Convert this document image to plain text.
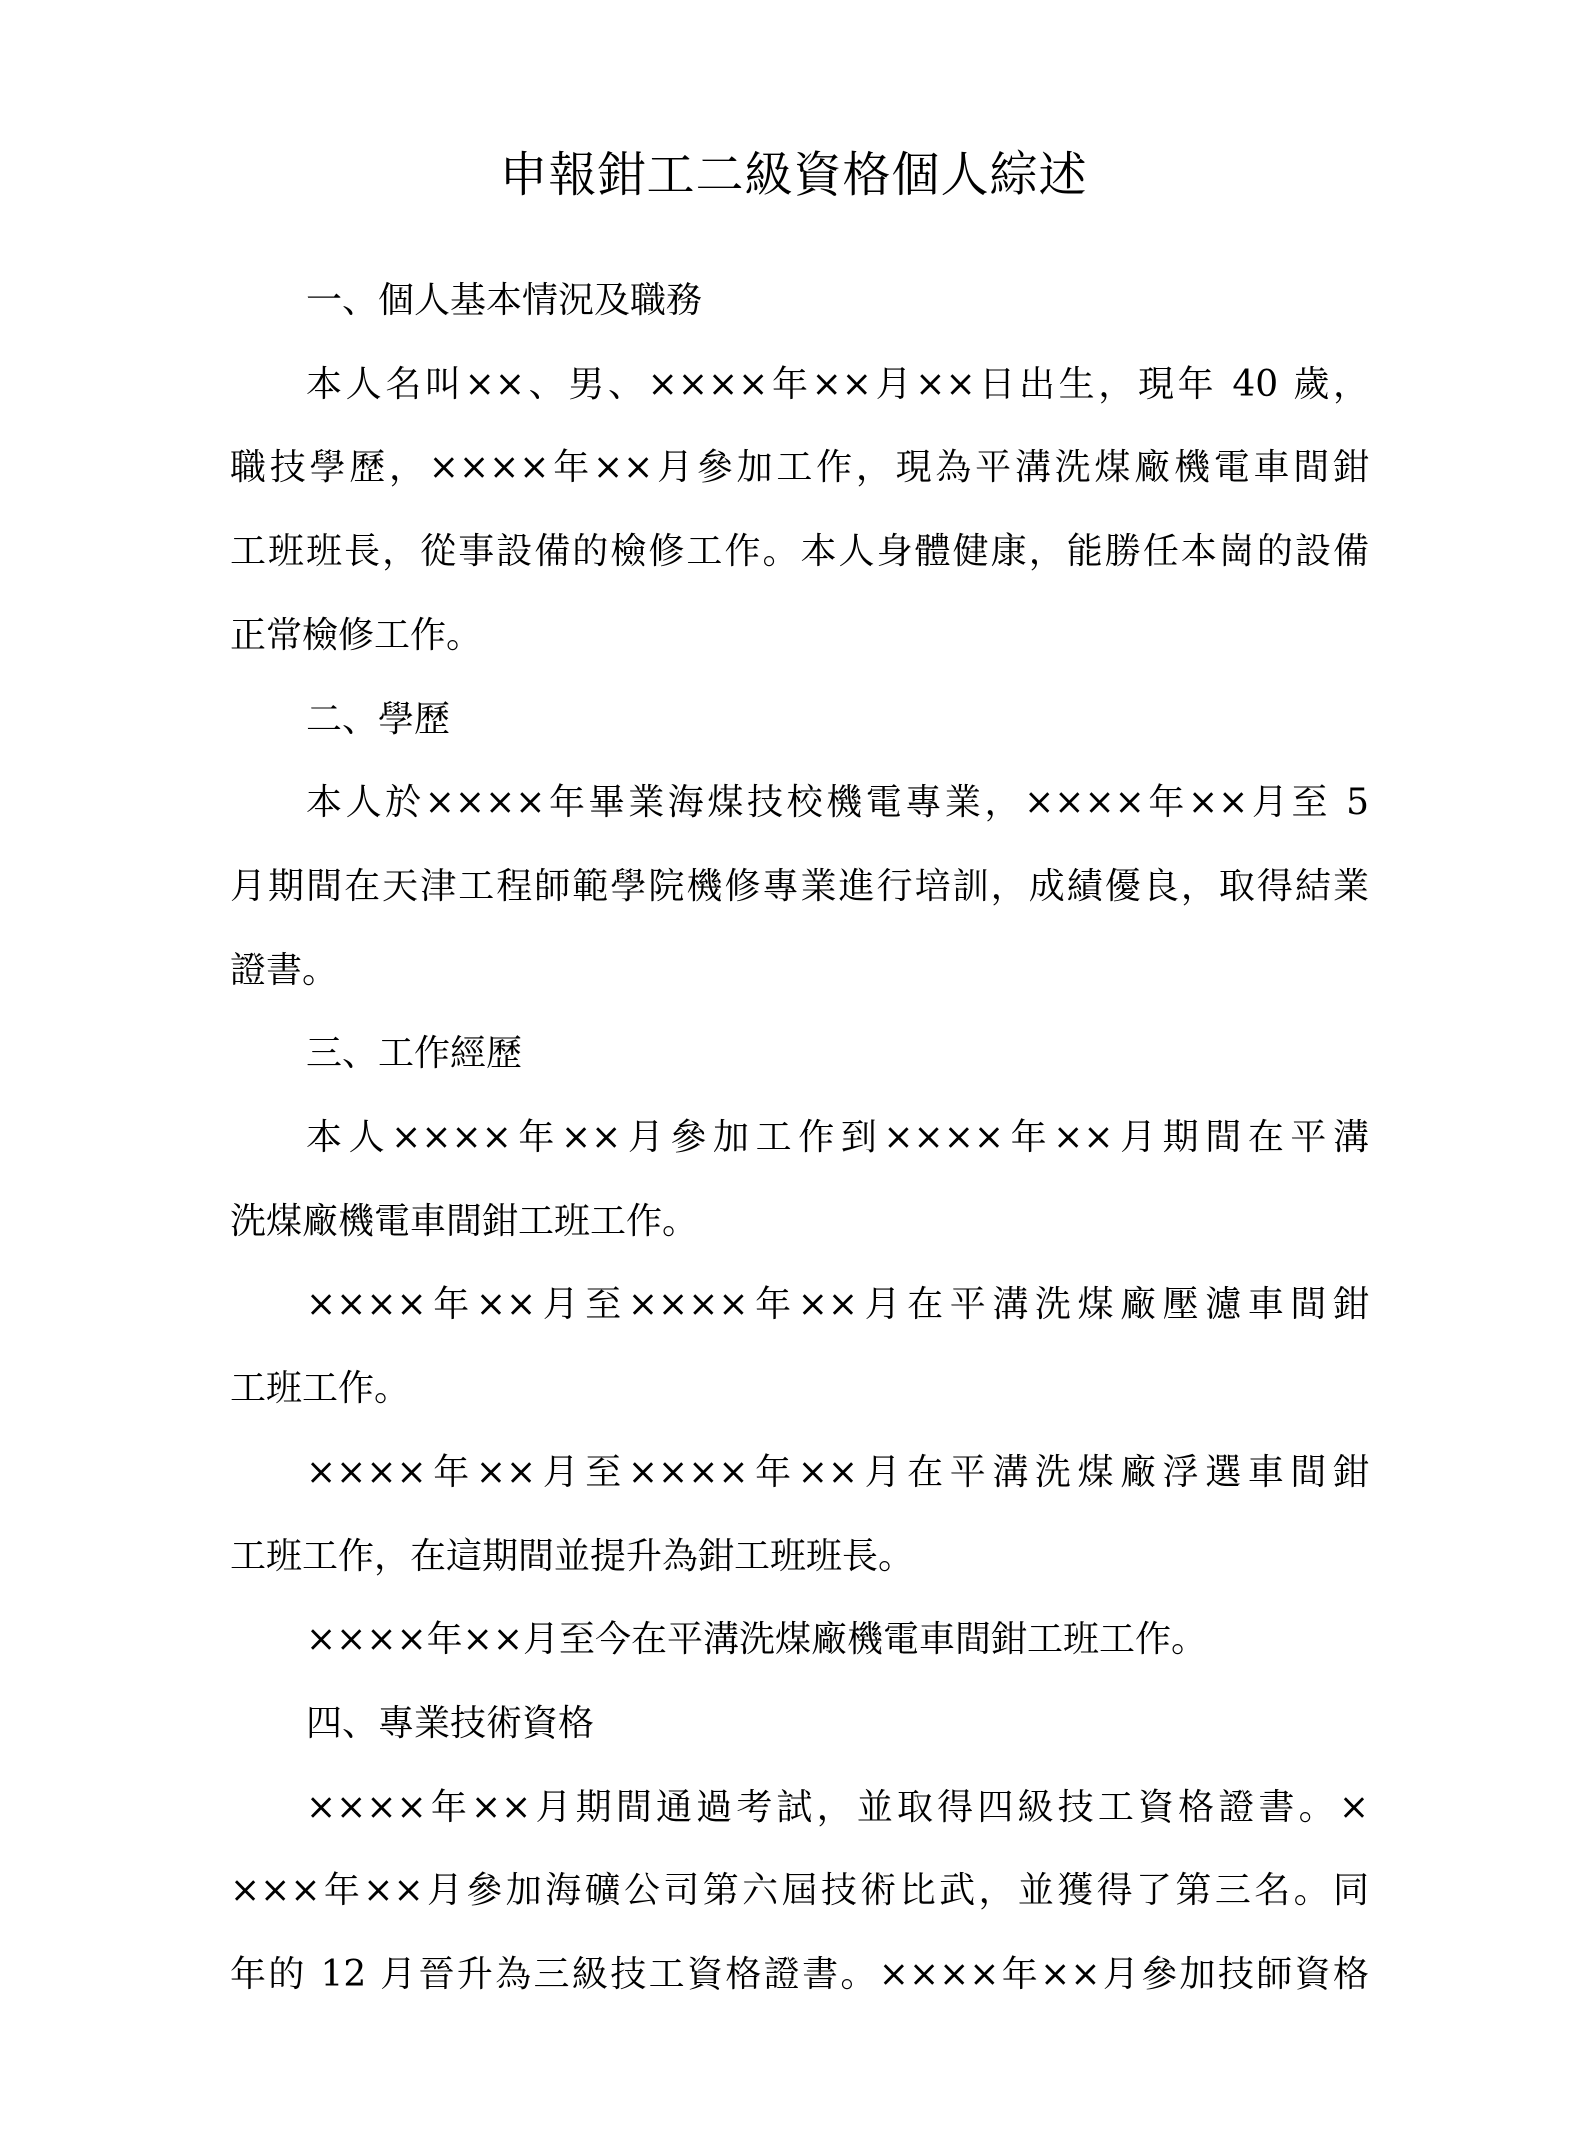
申報鉗工二級資格個人綜述
一、個人基本情況及職務
本人名叫××、男、××××年××月××日出生，現年 40 歲，
職技學歷，××××年××月參加工作，現為平溝洗煤廠機電車間鉗
工班班長，從事設備的檢修工作。本人身體健康，能勝任本崗的設備
正常檢修工作。
二、學歷
本人於××××年畢業海煤技校機電專業，××××年××月至 5
月期間在天津工程師範學院機修專業進行培訓，成績優良，取得結業
證書。
三、工作經歷
本人××××年××月參加工作到××××年××月期間在平溝
洗煤廠機電車間鉗工班工作。
××××年××月至××××年××月在平溝洗煤廠壓濾車間鉗
工班工作。
××××年××月至××××年××月在平溝洗煤廠浮選車間鉗
工班工作，在這期間並提升為鉗工班班長。
××××年××月至今在平溝洗煤廠機電車間鉗工班工作。
四、專業技術資格
××××年××月期間通過考試，並取得四級技工資格證書。×
×××年××月參加海礦公司第六屆技術比武，並獲得了第三名。同
年的 12 月晉升為三級技工資格證書。××××年××月參加技師資格
